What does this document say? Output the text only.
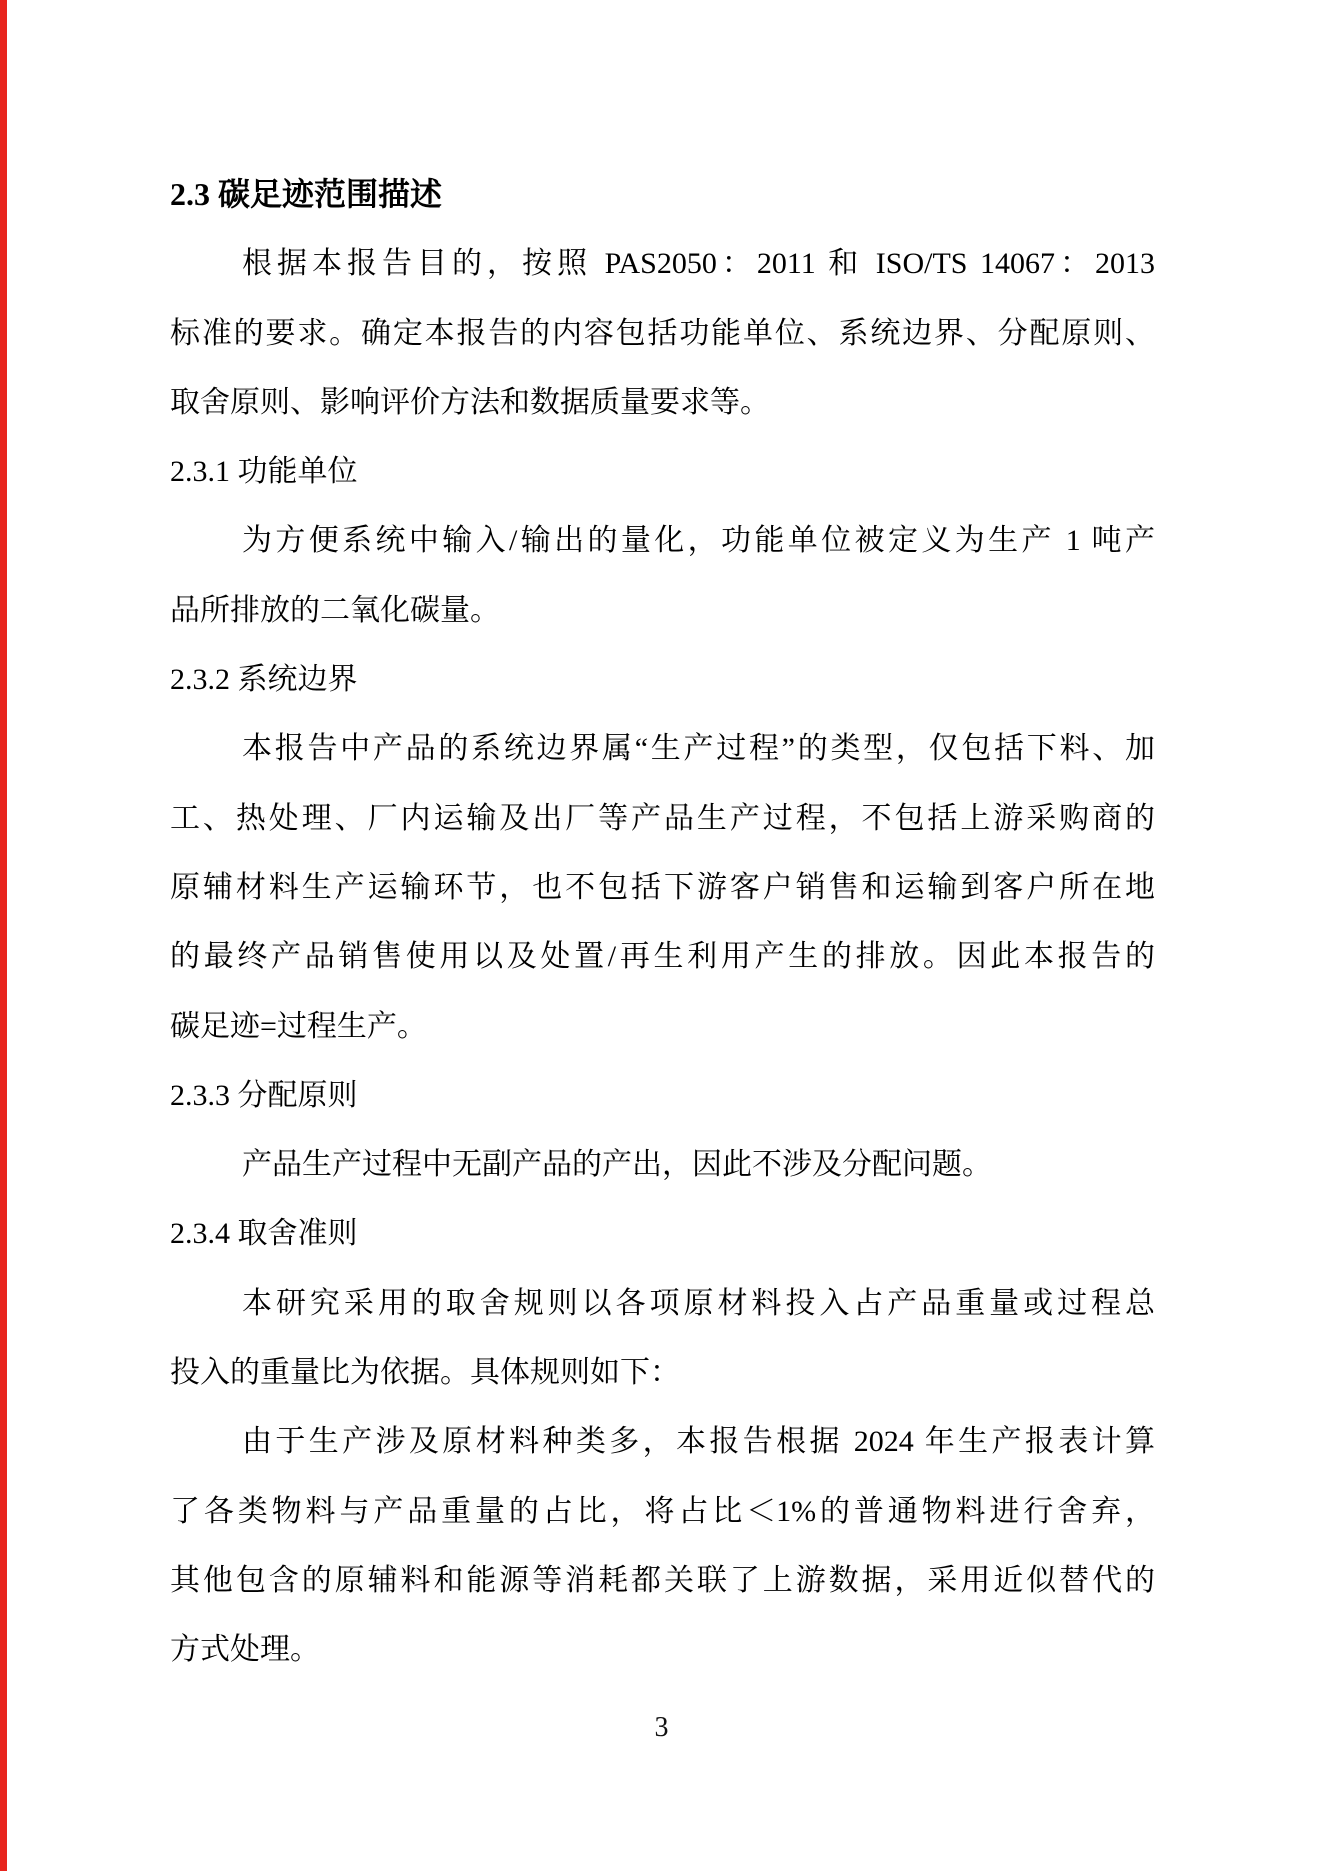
2.3 碳足迹范围描述
根据本报告目的，按照 PAS2050：2011 和 ISO/TS 14067：2013
标准的要求。确定本报告的内容包括功能单位、系统边界、分配原则、
取舍原则、影响评价方法和数据质量要求等。
2.3.1 功能单位
为方便系统中输入/输出的量化，功能单位被定义为生产 1 吨产
品所排放的二氧化碳量。
2.3.2 系统边界
本报告中产品的系统边界属“生产过程”的类型，仅包括下料、加
工、热处理、厂内运输及出厂等产品生产过程，不包括上游采购商的
原辅材料生产运输环节，也不包括下游客户销售和运输到客户所在地
的最终产品销售使用以及处置/再生利用产生的排放。因此本报告的
碳足迹=过程生产。
2.3.3 分配原则
产品生产过程中无副产品的产出，因此不涉及分配问题。
2.3.4 取舍准则
本研究采用的取舍规则以各项原材料投入占产品重量或过程总
投入的重量比为依据。具体规则如下：
由于生产涉及原材料种类多，本报告根据 2024 年生产报表计算
了各类物料与产品重量的占比，将占比＜1%的普通物料进行舍弃，
其他包含的原辅料和能源等消耗都关联了上游数据，采用近似替代的
方式处理。
3
